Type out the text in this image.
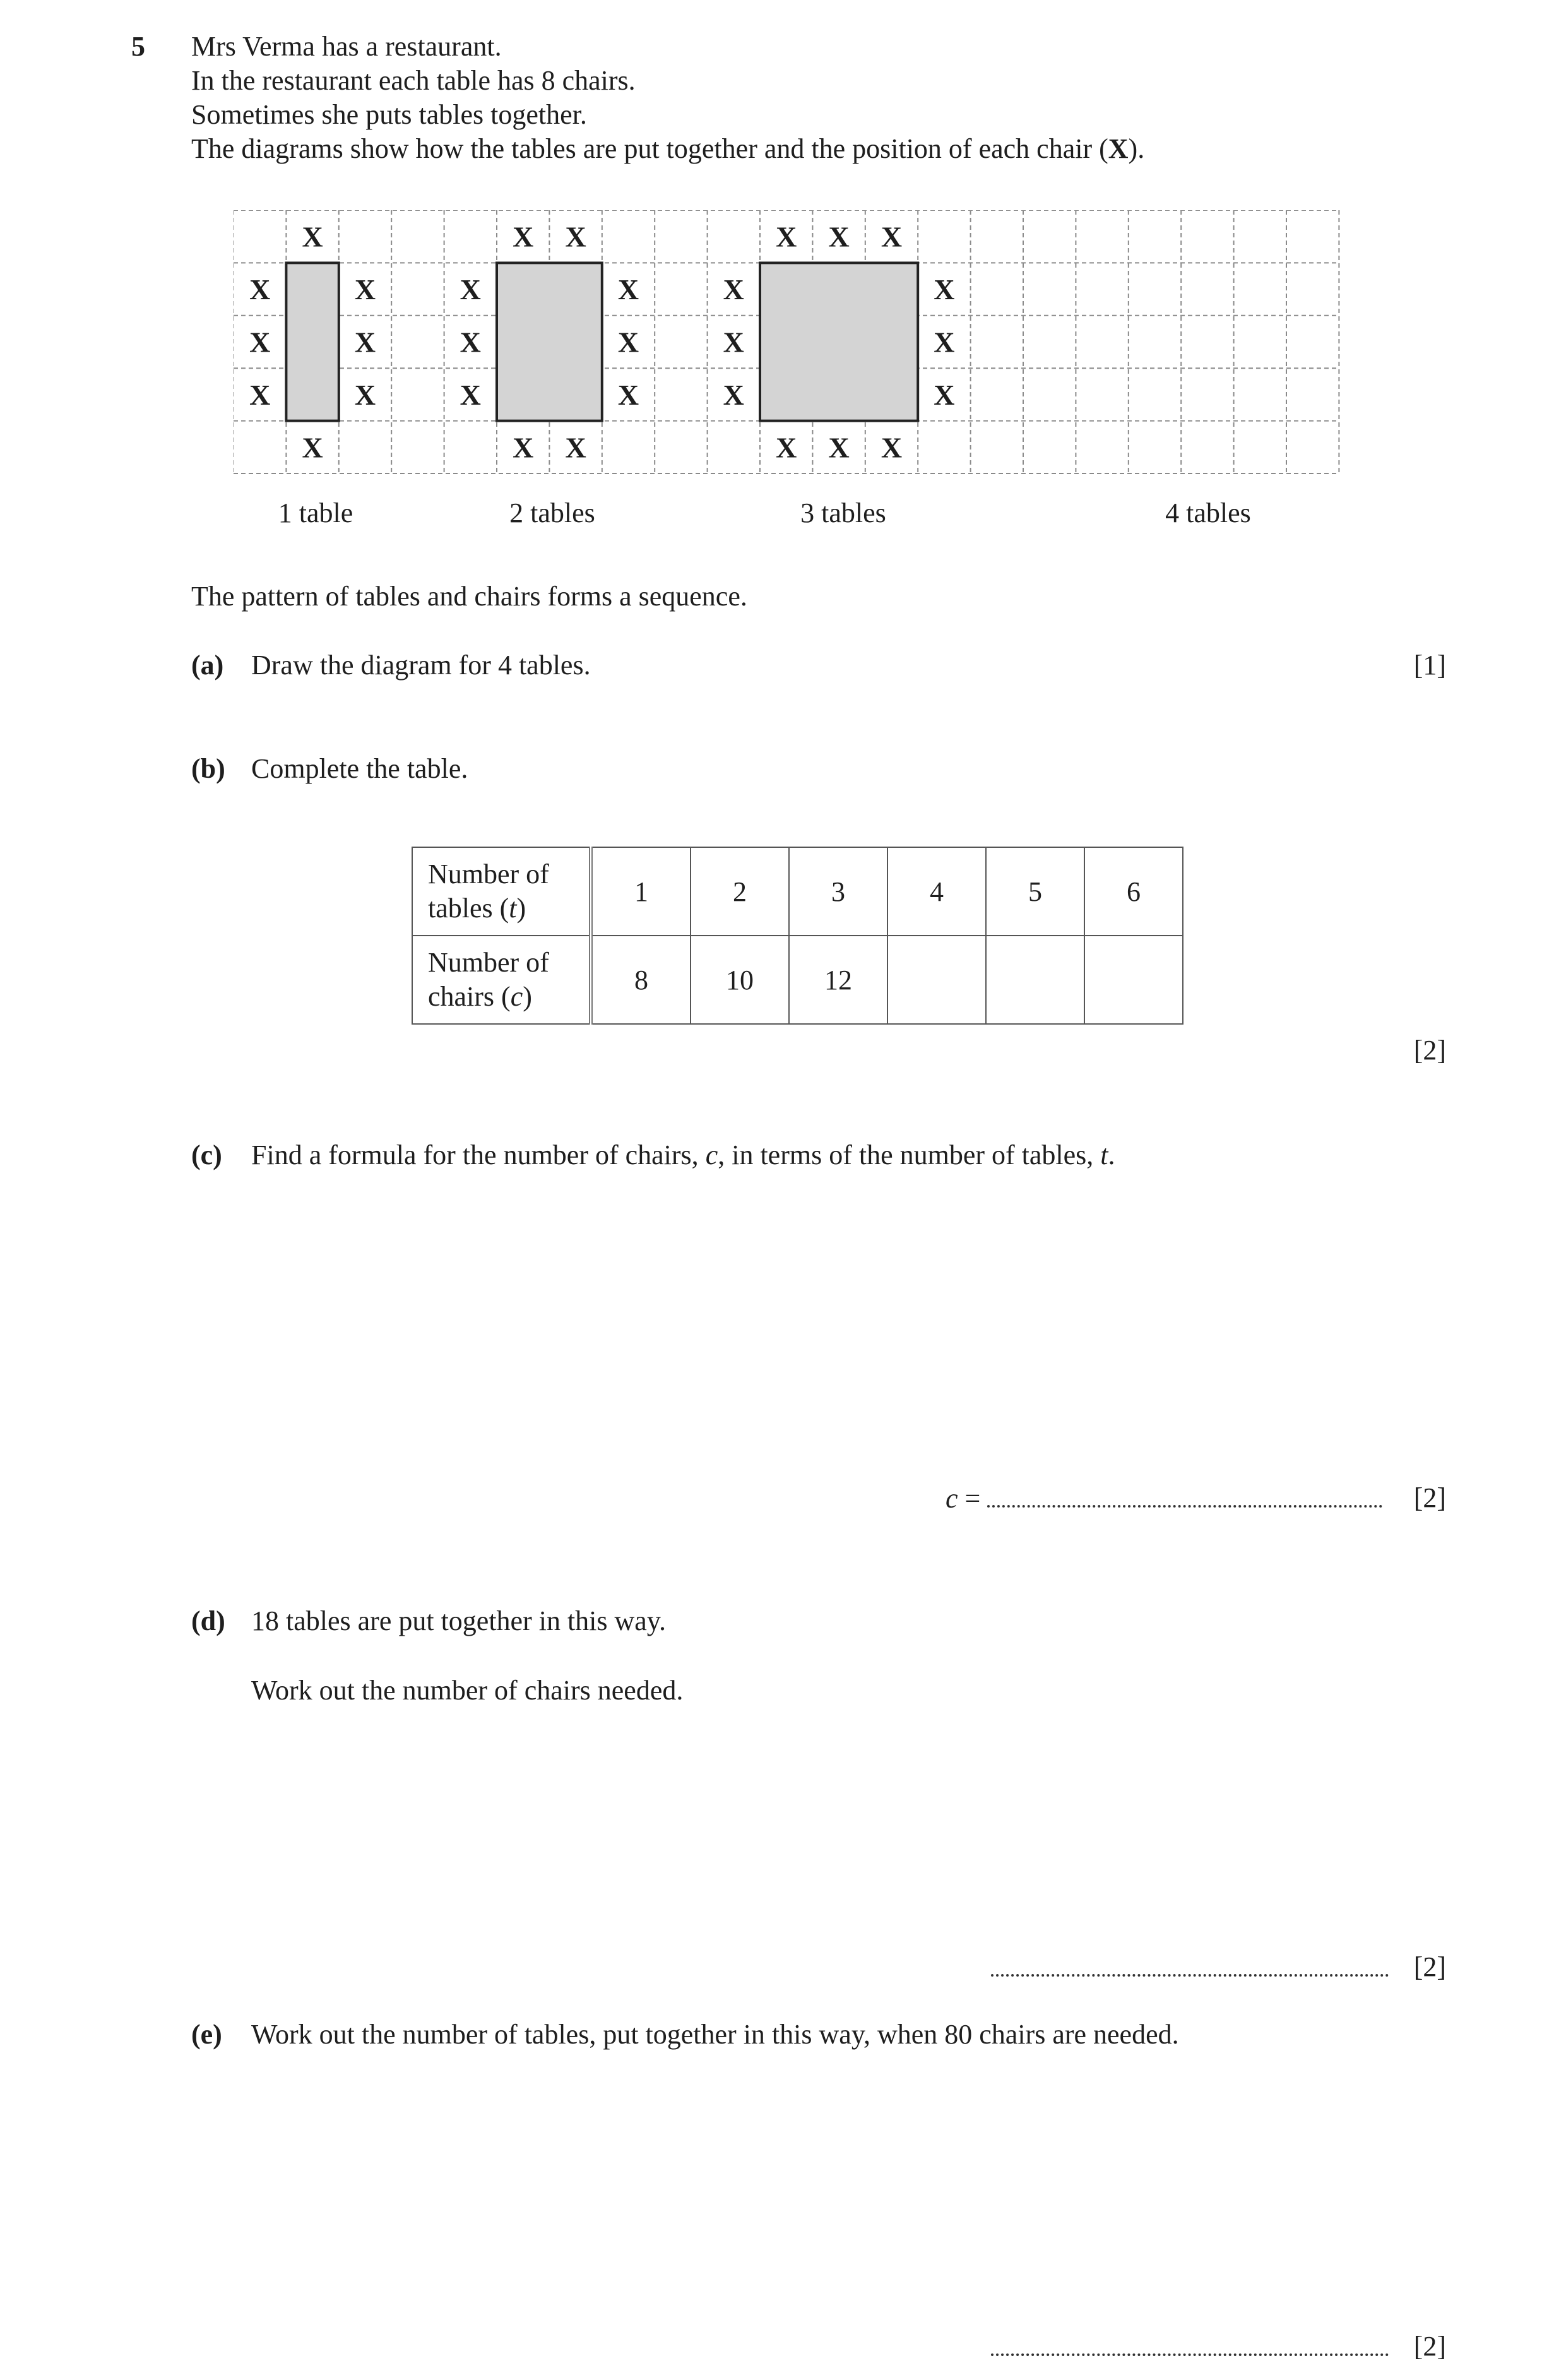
5 Mrs Verma has a restaurant.
In the restaurant each table has 8 chairs.
Sometimes she puts tables together.
The diagrams show how the tables are put together and the position of each chair (X).
X
X
X	X
X	X
X	X
X
X
X
X
X	X
X	X
X	X
X
X
X
X
X
X
X	X
X	X
X	X
1 table	2 tables	3 tables	4 tables
The pattern of tables and chairs forms a sequence.
(a) Draw the diagram for 4 tables.	[1]
(b) Complete the table.
Number of
tables (t)	1	2	3	4	5	6
Number of
chairs (c)	8	10	12			
[2]
(c) Find a formula for the number of chairs, c, in terms of the number of tables, t.
c =	[2]
(d) 18 tables are put together in this way.
Work out the number of chairs needed.
[2]
(e) Work out the number of tables, put together in this way, when 80 chairs are needed.
[2]
